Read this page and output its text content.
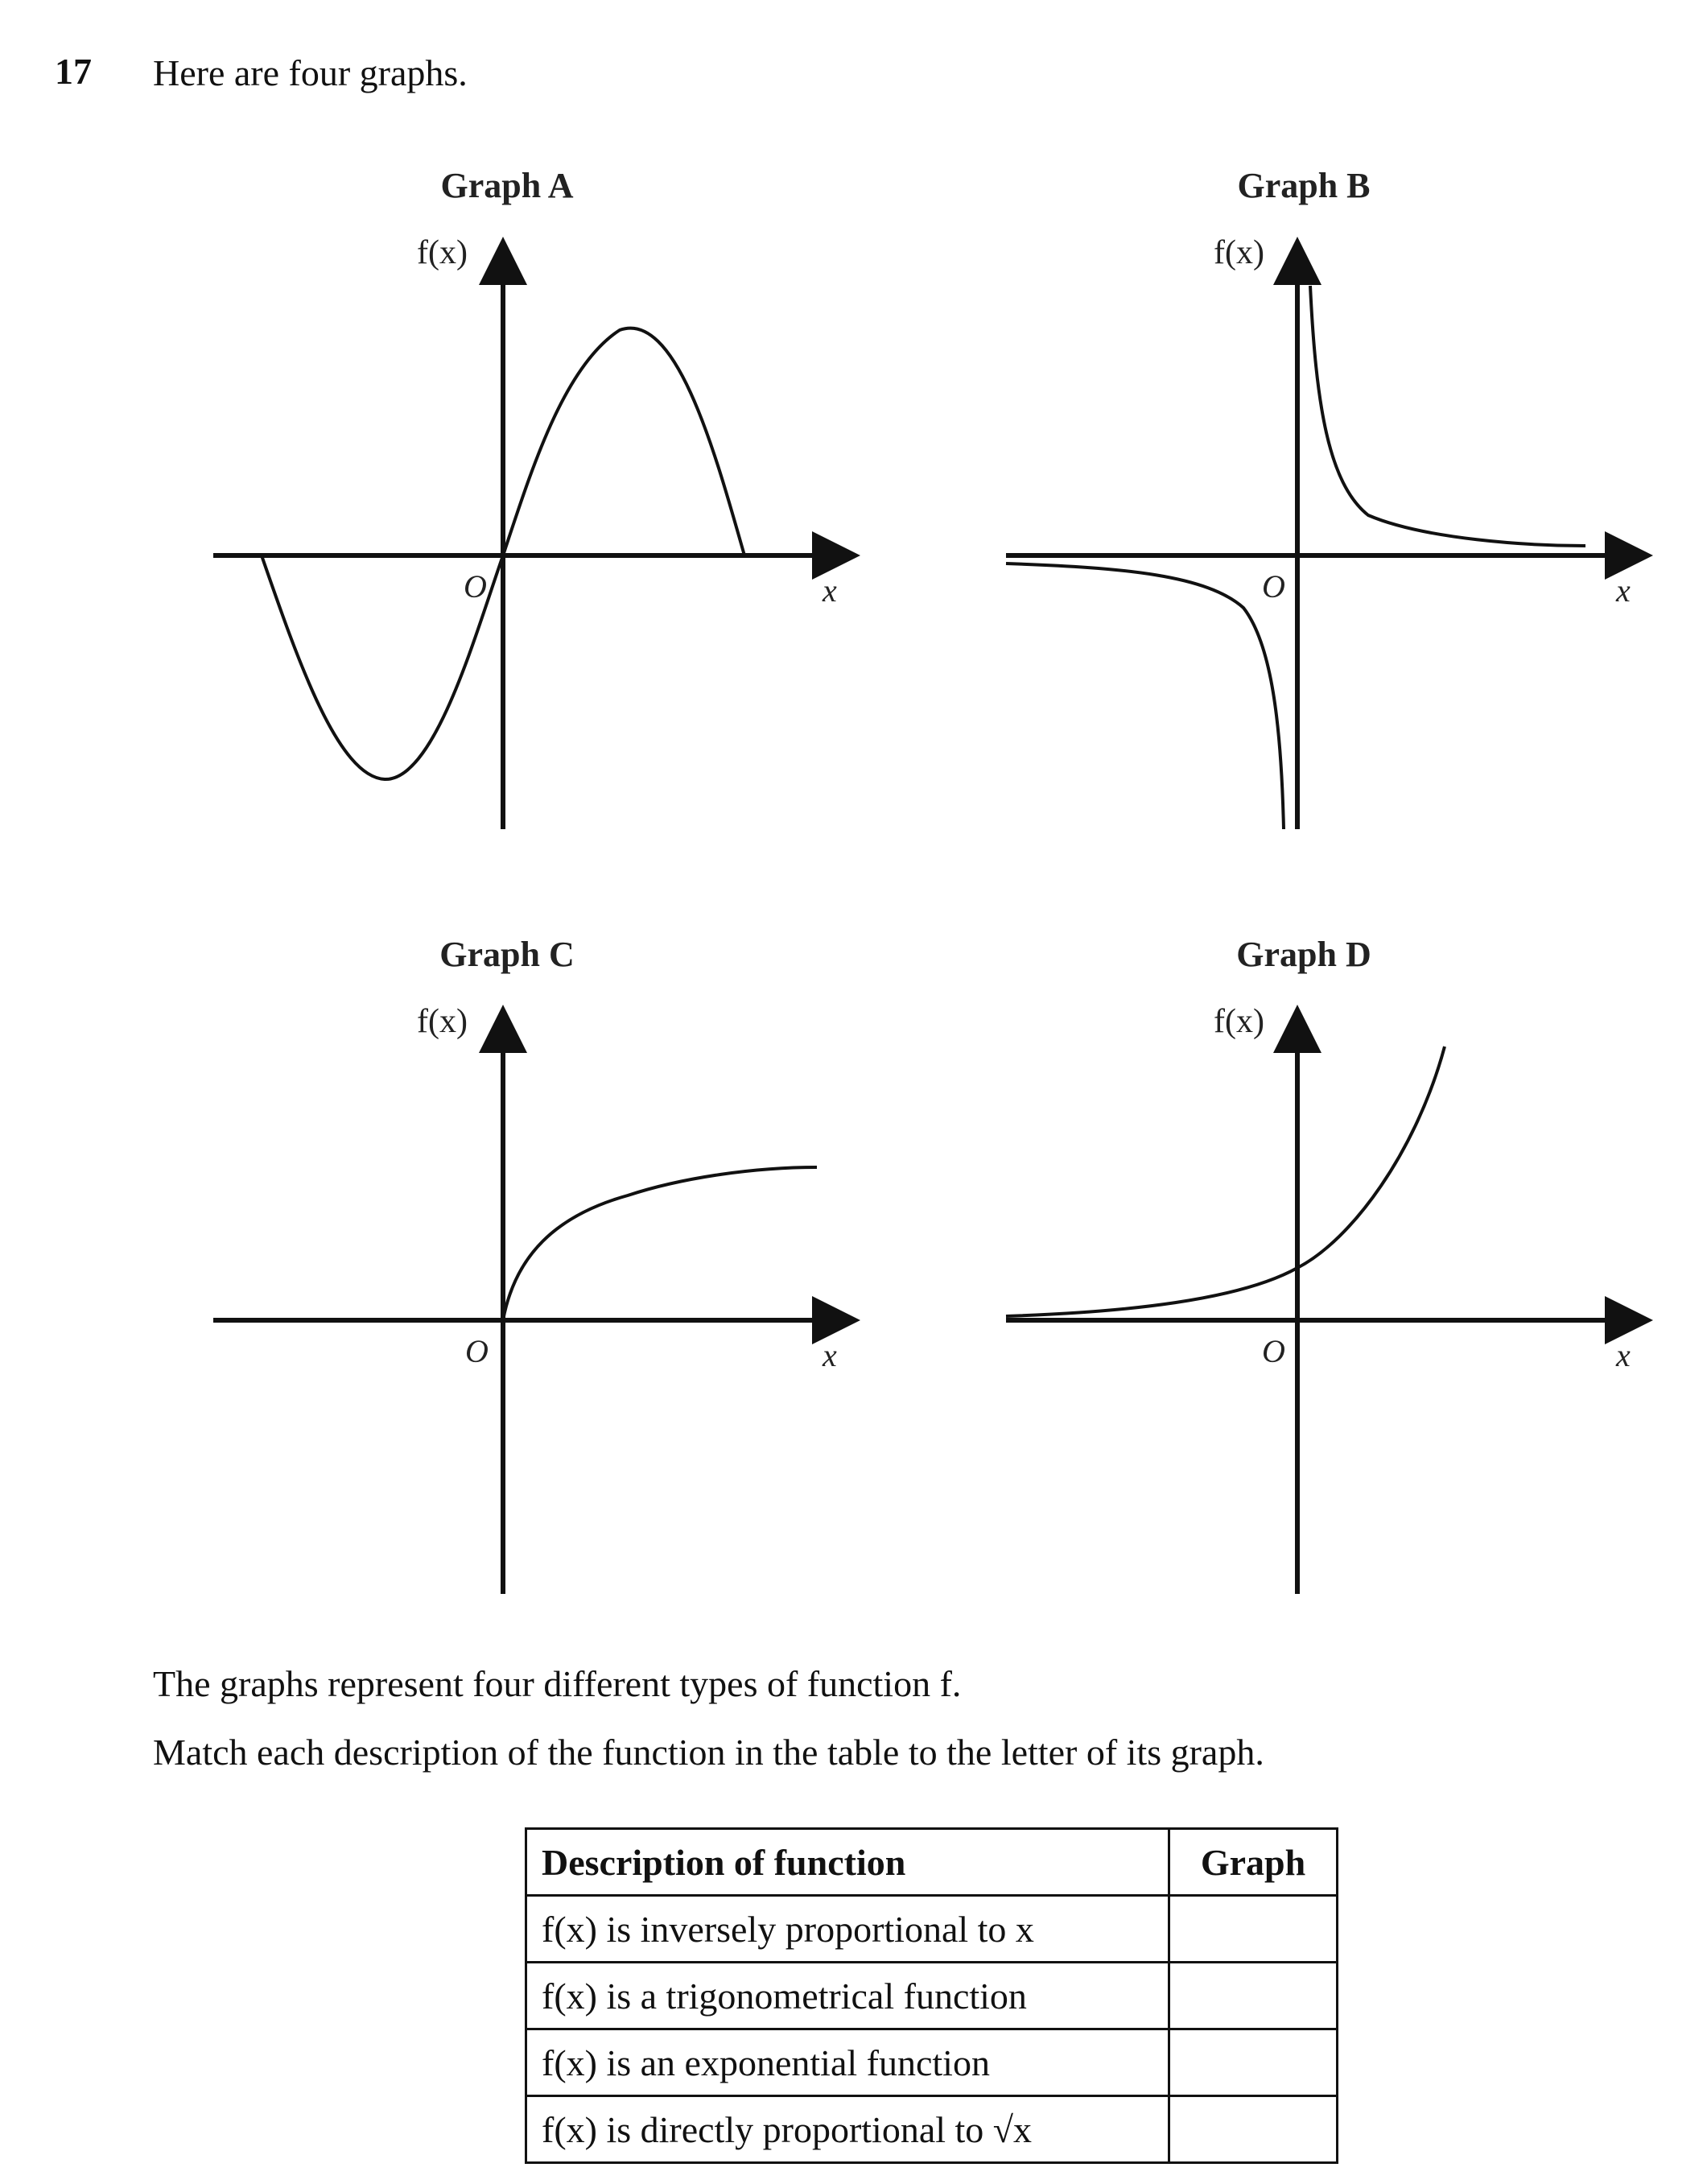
17 Here are four graphs.
Graph A	Graph B
Graph C	Graph D
f(x)	f(x)
f(x)	f(x)
O	O
O	O
x	x
x	x
The graphs represent four different types of function f.
Match each description of the function in the table to the letter of its graph.
Description of function	Graph
f(x) is inversely proportional to x	
f(x) is a trigonometrical function	
f(x) is an exponential function	
f(x) is directly proportional to √x	
